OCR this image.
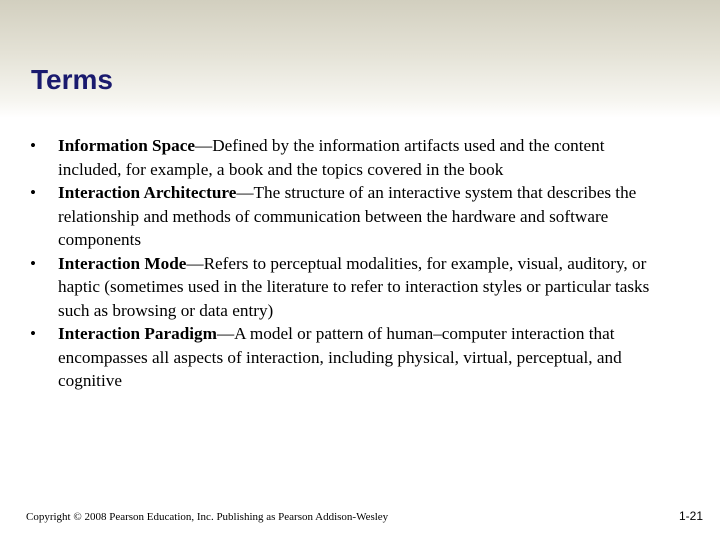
Terms
• Information Space—Defined by the information artifacts used and the content included, for example, a book and the topics covered in the book
• Interaction Architecture—The structure of an interactive system that describes the relationship and methods of communication between the hardware and software components
• Interaction Mode—Refers to perceptual modalities, for example, visual, auditory, or haptic (sometimes used in the literature to refer to interaction styles or particular tasks such as browsing or data entry)
• Interaction Paradigm—A model or pattern of human–computer interaction that encompasses all aspects of interaction, including physical, virtual, perceptual, and cognitive
Copyright © 2008 Pearson Education, Inc. Publishing as Pearson Addison-Wesley	1-21
